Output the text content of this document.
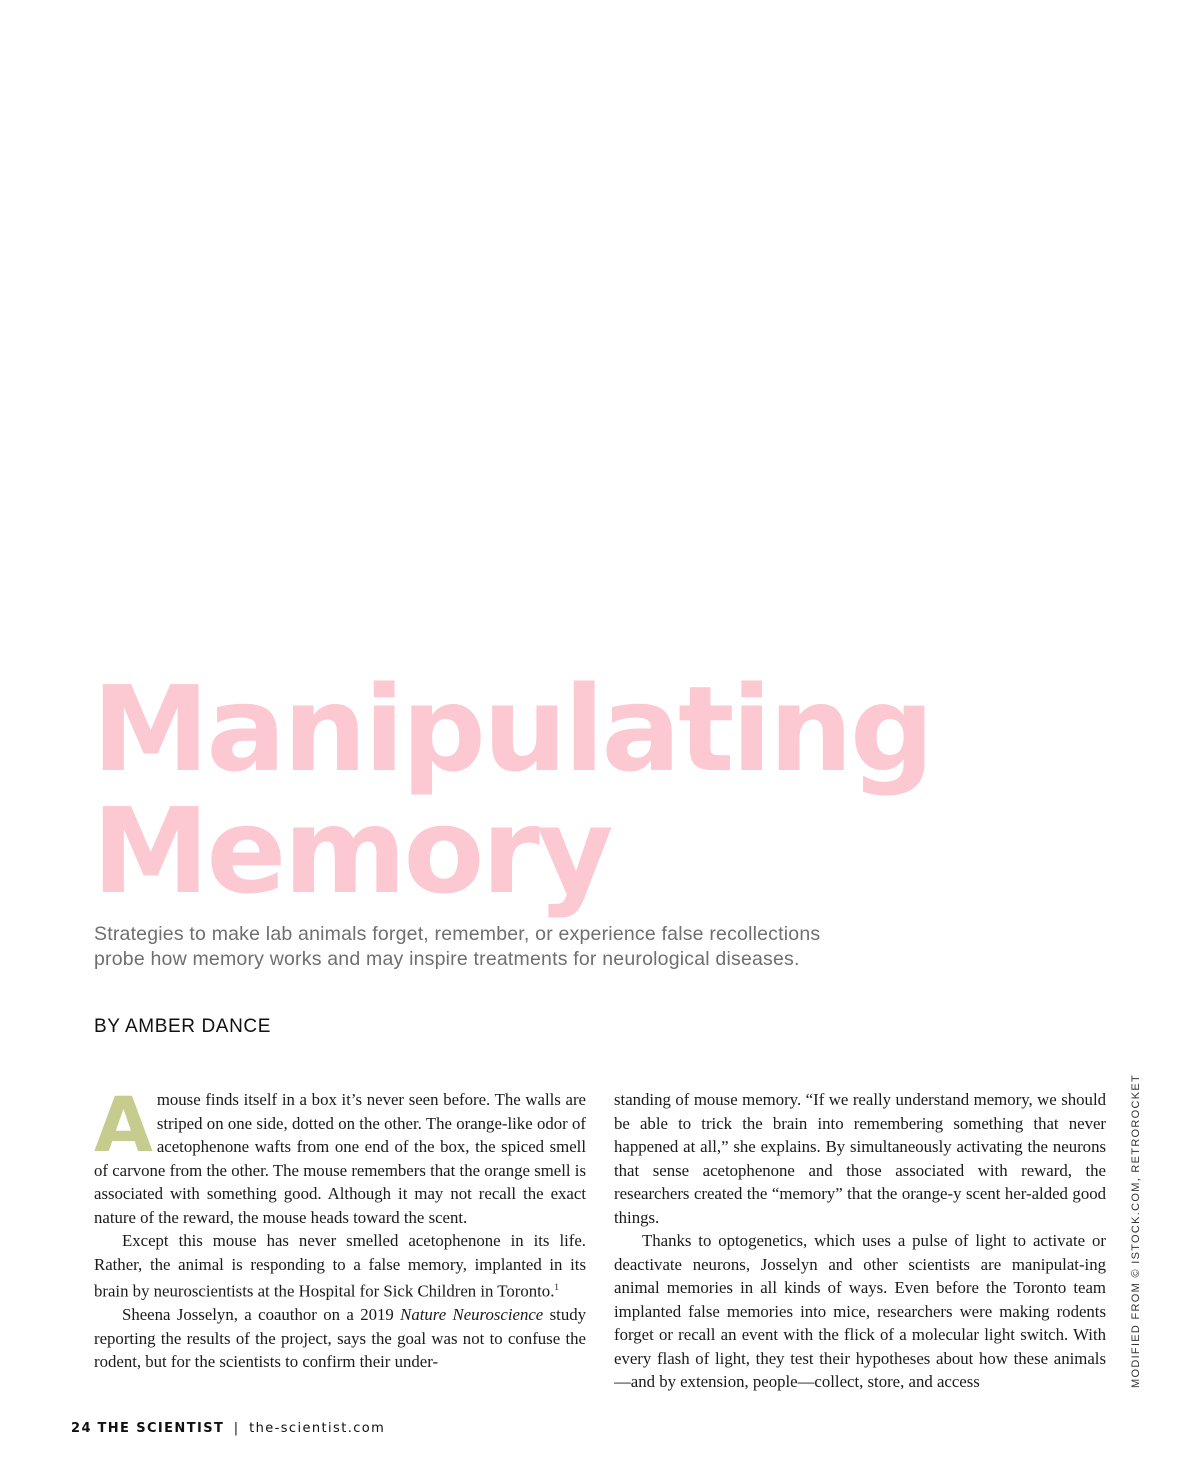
Manipulating
Memory

Strategies to make lab animals forget, remember, or experience false recollections
probe how memory works and may inspire treatments for neurological diseases.

BY AMBER DANCE

Amouse finds itself in a box it’s never seen before. The walls are striped on one side, dotted on the other. The orange-like odor of acetophenone wafts from one end of the box, the spiced smell of carvone from the other. The mouse remembers that the orange smell is associated with something good. Although it may not recall the exact nature of the reward, the mouse heads toward the scent.

Except this mouse has never smelled acetophenone in its life. Rather, the animal is responding to a false memory, implanted in its brain by neuroscientists at the Hospital for Sick Children in Toronto.$^1$

Sheena Josselyn, a coauthor on a 2019 Nature Neuroscience study reporting the results of the project, says the goal was not to confuse the rodent, but for the scientists to confirm their under-

standing of mouse memory. “If we really understand memory, we should be able to trick the brain into remembering something that never happened at all,” she explains. By simultaneously activating the neurons that sense acetophenone and those associated with reward, the researchers created the “memory” that the orange-y scent her-alded good things.

Thanks to optogenetics, which uses a pulse of light to activate or deactivate neurons, Josselyn and other scientists are manipulat-ing animal memories in all kinds of ways. Even before the Toronto team implanted false memories into mice, researchers were making rodents forget or recall an event with the flick of a molecular light switch. With every flash of light, they test their hypotheses about how these animals—and by extension, people—collect, store, and access	MODIFIED FROM © ISTOCK.COM, RETROROCKET
24 THE SCIENTIST | the-scientist.com
